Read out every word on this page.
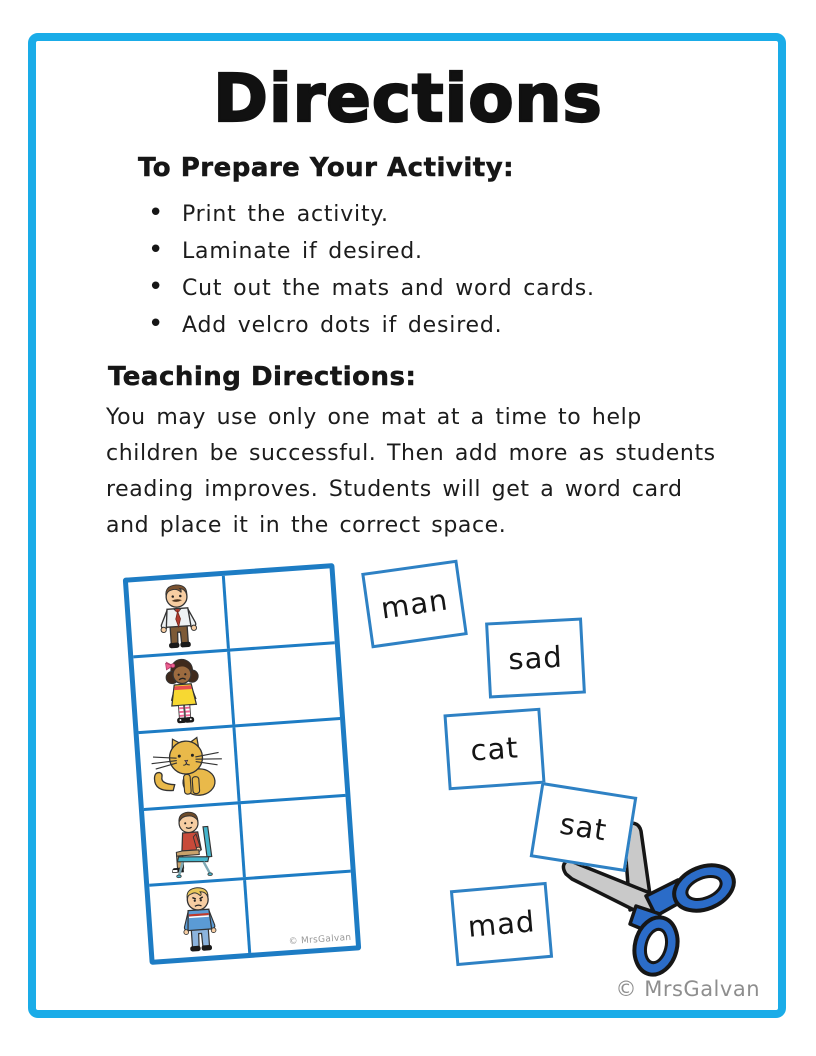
Directions
To Prepare Your Activity:
• Print the activity.
• Laminate if desired.
• Cut out the mats and word cards.
• Add velcro dots if desired.
Teaching Directions:
You may use only one mat at a time to help
children be successful. Then add more as students
reading improves. Students will get a word card
and place it in the correct space.
© MrsGalvan
man
sad
cat
sat
mad
© MrsGalvan
